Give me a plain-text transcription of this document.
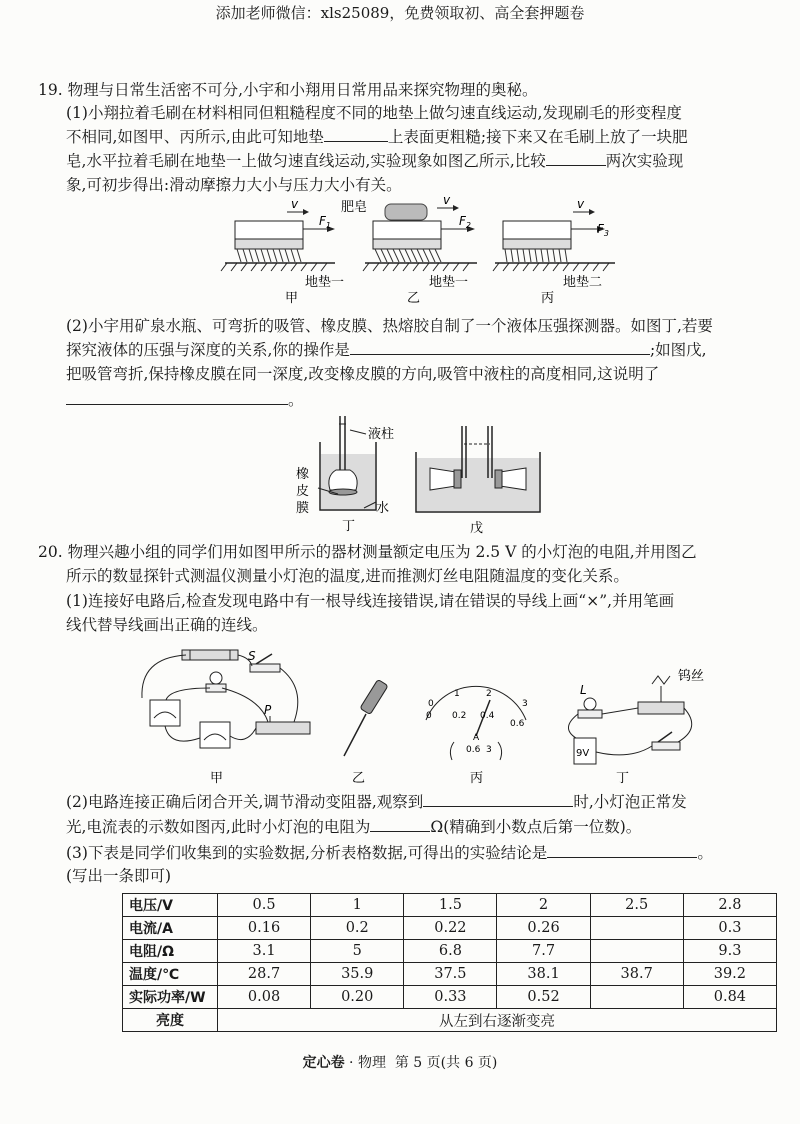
添加老师微信：xls25089，免费领取初、高全套押题卷
19. 物理与日常生活密不可分,小宇和小翔用日常用品来探究物理的奥秘。
(1)小翔拉着毛刷在材料相同但粗糙程度不同的地垫上做匀速直线运动,发现刷毛的形变程度
不相同,如图甲、丙所示,由此可知地垫	上表面更粗糙;接下来又在毛刷上放了一块肥
皂,水平拉着毛刷在地垫一上做匀速直线运动,实验现象如图乙所示,比较	两次实验现
象,可初步得出:滑动摩擦力大小与压力大小有关。
v
$F_1$
v
$F_2$
肥皂	v
$F_3$
地垫一	地垫一	地垫二
甲	乙	丙
(2)小宇用矿泉水瓶、可弯折的吸管、橡皮膜、热熔胶自制了一个液体压强探测器。如图丁,若要
探究液体的压强与深度的关系,你的操作是	;如图戊,
把吸管弯折,保持橡皮膜在同一深度,改变橡皮膜的方向,吸管中液柱的高度相同,这说明了
。
液柱
橡
皮
膜	水
丁	戊
20. 物理兴趣小组的同学们用如图甲所示的器材测量额定电压为 2.5 V 的小灯泡的电阻,并用图乙
所示的数显探针式测温仪测量小灯泡的温度,进而推测灯丝电阻随温度的变化关系。
(1)连接好电路后,检查发现电路中有一根导线连接错误,请在错误的导线上画“×”,并用笔画
线代替导线画出正确的连线。
S
P
甲	乙
0 0.2 0.4
0.6
0
1	2
3
A
0.6 3
丙
L
钨丝
9V
丁
(2)电路连接正确后闭合开关,调节滑动变阻器,观察到	时,小灯泡正常发
光,电流表的示数如图丙,此时小灯泡的电阻为	Ω(精确到小数点后第一位数)。
(3)下表是同学们收集到的实验数据,分析表格数据,可得出的实验结论是	。
(写出一条即可)
电压/V	0.5	1	1.5	2	2.5	2.8
电流/A	0.16	0.2	0.22	0.26		0.3
电阻/Ω	3.1	5	6.8	7.7		9.3
温度/℃	28.7	35.9	37.5	38.1	38.7	39.2
实际功率/W	0.08	0.20	0.33	0.52		0.84
亮度	从左到右逐渐变亮					
定心卷 · 物理 第 5 页(共 6 页)
